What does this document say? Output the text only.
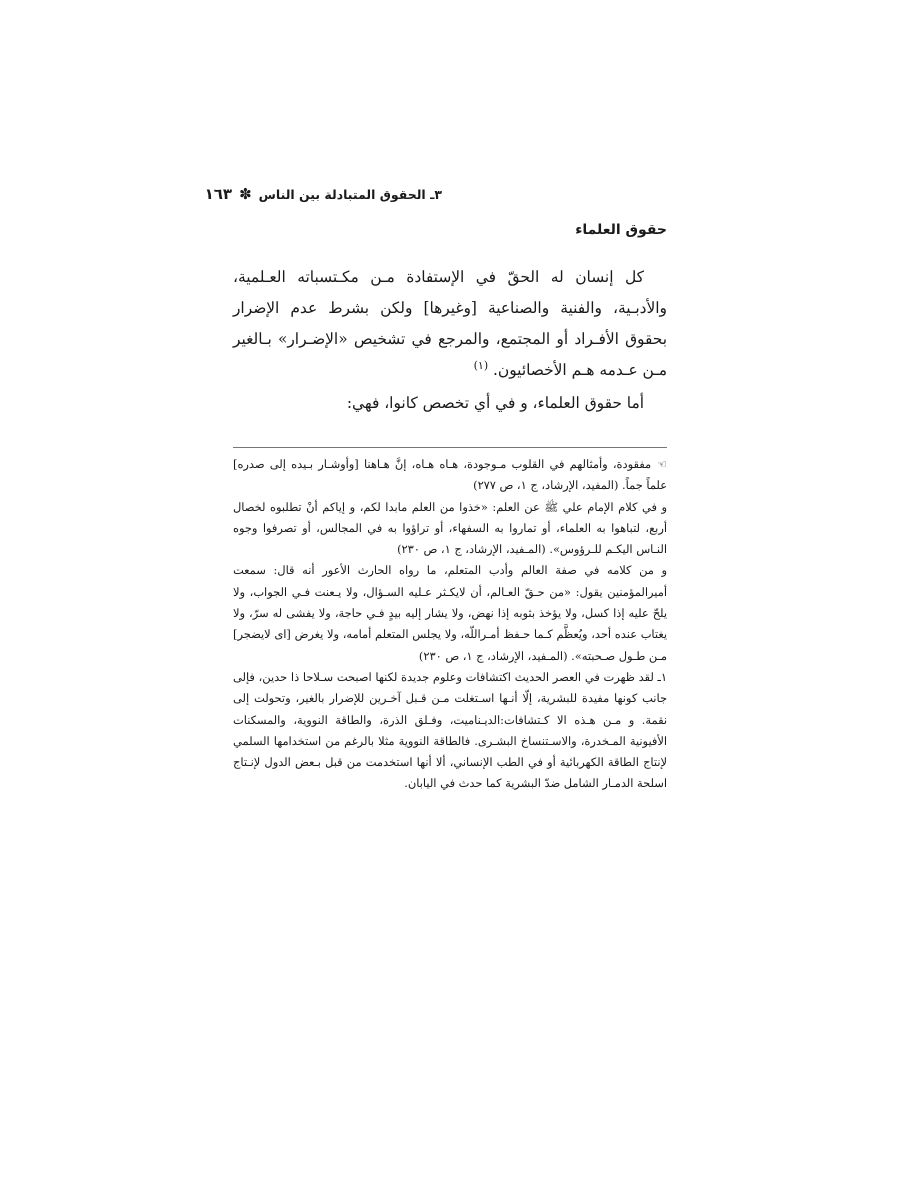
٣ـ الحقوق المتبادلة بين الناس
✽
١٦٣
حقوق العلماء

كل إنسان له الحقّ في الإستفادة مـن مكـتسباته العـلمية، والأدبـية، والفنية والصناعية [وغيرها] ولكن بشرط عدم الإضرار بحقوق الأفـراد أو المجتمع، والمرجع في تشخيص «الإضـرار» بـالغير مـن عـدمه هـم الأخصائيون. $^{(١)}$

أما حقوق العلماء، و في أي تخصص كانوا، فهي:

☜مفقودة، وأمثالهم في القلوب مـوجودة، هـاه هـاه، إنَّ هـاهنا [وأوشـار بـيده إلى صدره] علماً جماً. (المفيد، الإرشاد، ج ١، ص ٢٧٧)

و في كلام الإمام علي ﷺ عن العلم: «خذوا من العلم مابدا لكم، و إياكم أنْ تطلبوه لخصال أربع، لتباهوا به العلماء، أو تماروا به السفهاء، أو تراؤوا به في المجالس، أو تصرفوا وجوه النـاس اليكـم للـرؤوس». (المـفيد، الإرشاد، ج ١، ص ٢٣٠)

و من كلامه في صفة العالم وأدب المتعلم، ما رواه الحارث الأعور أنه قال: سمعت أميرالمؤمنين يقول: «من حـقّ العـالم، أن لايكـثر عـليه السـؤال، ولا يـعنت فـي الجواب، ولا يلحّ عليه إذا كسل، ولا يؤخذ بثوبه إذا نهض، ولا يشار إليه بيدٍ فـي حاجة، ولا يفشى له سرّ، ولا يغتاب عنده أحد، ويُعظَّم كـما حـفظ أمـراللّه، ولا يجلس المتعلم أمامه، ولا يغرض [اى لايضجر] مـن طـول صـحبته». (المـفيد، الإرشاد، ج ١، ص ٢٣٠)

١ـ لقد ظهرت في العصر الحديث اكتشافات وعلوم جديدة لكنها اصبحت سـلاحا ذا حدين، فإلى جانب كونها مفيدة للبشرية، إلّا أنـها اسـتغلت مـن قـبل آخـرين للإضرار بالغير، وتحولت إلى نقمة. و مـن هـذه الا كـتشافات:الديـناميت، وفـلق الذرة، والطاقة النووية، والمسكنات الأفيونية المـخدرة، والاسـتنساخ البشـرى. فالطاقة النووية مثلا بالرغم من استخدامها السلمي لإنتاج الطاقة الكهربائية أو في الطب الإنساني، ألا أنها استخدمت من قبل بـعض الدول لإنـتاج اسلحة الدمـار الشامل ضدّ البشرية كما حدث في اليابان.
